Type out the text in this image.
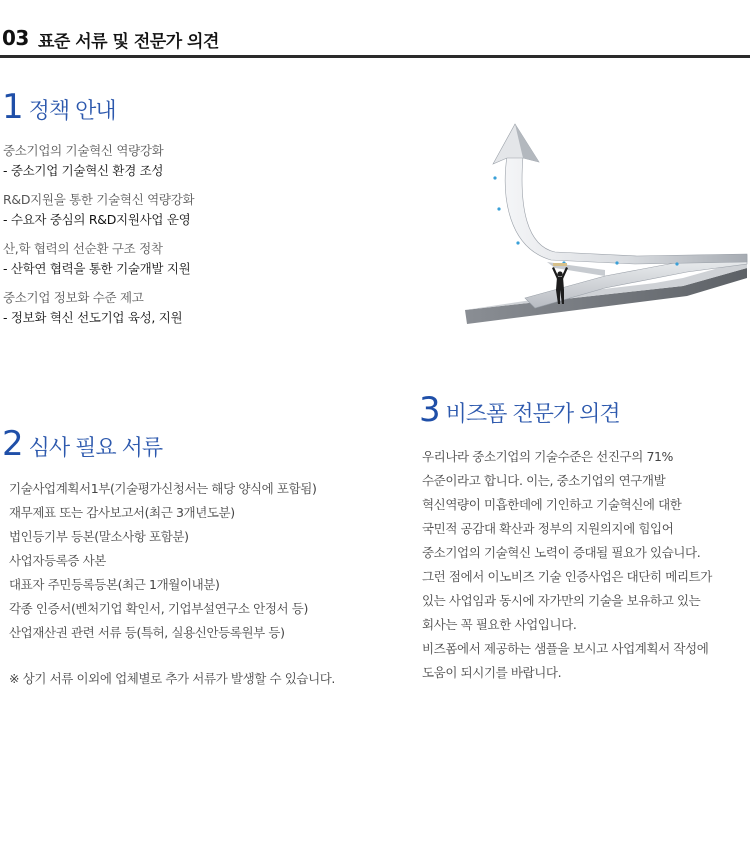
03 표준 서류 및 전문가 의견
1 정책 안내
중소기업의 기술혁신 역량강화
- 중소기업 기술혁신 환경 조성
R&D지원을 통한 기술혁신 역량강화
- 수요자 중심의 R&D지원사업 운영
산,학 협력의 선순환 구조 정착
- 산학연 협력을 통한 기술개발 지원
중소기업 정보화 수준 제고
- 정보화 혁신 선도기업 육성, 지원
2 심사 필요 서류
기술사업계획서1부(기술평가신청서는 해당 양식에 포함됨)
재무제표 또는 감사보고서(최근 3개년도분)
법인등기부 등본(말소사항 포함분)
사업자등록증 사본
대표자 주민등록등본(최근 1개월이내분)
각종 인증서(벤처기업 확인서, 기업부설연구소 안정서 등)
산업재산권 관련 서류 등(특허, 실용신안등록원부 등)
※ 상기 서류 이외에 업체별로 추가 서류가 발생할 수 있습니다.
3 비즈폼 전문가 의견
우리나라 중소기업의 기술수준은 선진구의 71%
수준이라고 합니다. 이는, 중소기업의 연구개발
혁신역량이 미흡한데에 기인하고 기술혁신에 대한
국민적 공감대 확산과 정부의 지원의지에 힘입어
중소기업의 기술혁신 노력이 증대될 필요가 있습니다.
그런 점에서 이노비즈 기술 인증사업은 대단히 메리트가
있는 사업임과 동시에 자가만의 기술을 보유하고 있는
회사는 꼭 필요한 사업입니다.
비즈폼에서 제공하는 샘플을 보시고 사업계획서 작성에
도움이 되시기를 바랍니다.
